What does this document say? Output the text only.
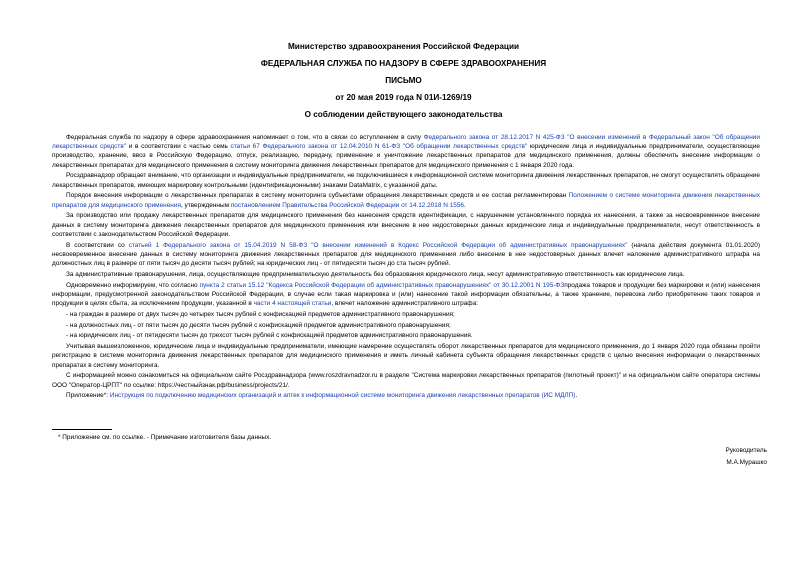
Министерство здравоохранения Российской Федерации
ФЕДЕРАЛЬНАЯ СЛУЖБА ПО НАДЗОРУ В СФЕРЕ ЗДРАВООХРАНЕНИЯ
ПИСЬМО
от 20 мая 2019 года N 01И-1269/19
О соблюдении действующего законодательства

Федеральная служба по надзору в сфере здравоохранения напоминает о том, что в связи со вступлением в силу Федерального закона от 28.12.2017 N 425-ФЗ "О внесении изменений в Федеральный закон "Об обращении лекарственных средств" и в соответствии с частью семь статьи 67 Федерального закона от 12.04.2010 N 61-ФЗ "Об обращении лекарственных средств" юридические лица и индивидуальные предприниматели, осуществляющие производство, хранение, ввоз в Российскую Федерацию, отпуск, реализацию, передачу, применение и уничтожение лекарственных препаратов для медицинского применения, должны обеспечить внесение информации о лекарственных препаратах для медицинского применения в систему мониторинга движения лекарственных препаратов для медицинского применения с 1 января 2020 года.

Росздравнадзор обращает внимание, что организации и индивидуальные предприниматели, не подключившиеся к информационной системе мониторинга движения лекарственных препаратов, не смогут осуществлять обращение лекарственных препаратов, имеющих маркировку контрольными (идентификационными) знаками DataMatrix, с указанной даты.

Порядок внесения информации о лекарственных препаратах в систему мониторинга субъектами обращения лекарственных средств и ее состав регламентирован Положением о системе мониторинга движения лекарственных препаратов для медицинского применения, утвержденным постановлением Правительства Российской Федерации от 14.12.2018 N 1556.

За производство или продажу лекарственных препаратов для медицинского применения без нанесения средств идентификации, с нарушением установленного порядка их нанесения, а также за несвоевременное внесение данных в систему мониторинга движения лекарственных препаратов для медицинского применения или внесение в нее недостоверных данных юридические лица и индивидуальные предприниматели, несут ответственность в соответствии с законодательством Российской Федерации.

В соответствии со статьей 1 Федерального закона от 15.04.2019 N 58-ФЗ "О внесении изменений в Кодекс Российской Федерации об административных правонарушениях" (начала действия документа 01.01.2020) несвоевременное внесение данных в систему мониторинга движения лекарственных препаратов для медицинского применения либо внесение в нее недостоверных данных влечет наложение административного штрафа на должностных лиц в размере от пяти тысяч до десяти тысяч рублей; на юридических лиц - от пятидесяти тысяч до ста тысяч рублей.

За административные правонарушения, лица, осуществляющие предпринимательскую деятельность без образования юридического лица, несут административную ответственность как юридические лица.

Одновременно информируем, что согласно пункта 2 статьи 15.12 "Кодекса Российской Федерации об административных правонарушениях" от 30.12.2001 N 195-ФЗпродажа товаров и продукции без маркировки и (или) нанесения информации, предусмотренной законодательством Российской Федерации, в случае если такая маркировка и (или) нанесение такой информации обязательны, а также хранение, перевозка либо приобретение таких товаров и продукции в целях сбыта, за исключением продукции, указанной в части 4 настоящей статьи, влечет наложение административного штрафа:

- на граждан в размере от двух тысяч до четырех тысяч рублей с конфискацией предметов административного правонарушения;

- на должностных лиц - от пяти тысяч до десяти тысяч рублей с конфискацией предметов административного правонарушения;

- на юридических лиц - от пятидесяти тысяч до трехсот тысяч рублей с конфискацией предметов административного правонарушения.

Учитывая вышеизложенное, юридические лица и индивидуальные предприниматели, имеющие намерение осуществлять оборот лекарственных препаратов для медицинского применения, до 1 января 2020 года обязаны пройти регистрацию в системе мониторинга движения лекарственных препаратов для медицинского применения и иметь личный кабинета субъекта обращения лекарственных средств с целью внесения информации о лекарственных препаратах в систему мониторинга.

С информацией можно ознакомиться на официальном сайте Росздравнадзора (www.roszdravnadzor.ru в разделе "Система маркировки лекарственных препаратов (пилотный проект)" и на официальном сайте оператора системы ООО "Оператор-ЦРПТ" по ссылке: https://честныйзнак.рф/business/projects/21/.

Приложение*: Инструкция по подключению медицинских организаций и аптек к информационной системе мониторинга движения лекарственных препаратов (ИС МДЛП).

* Приложение см. по ссылке. - Примечание изготовителя базы данных.
Руководитель
М.А.Мурашко
